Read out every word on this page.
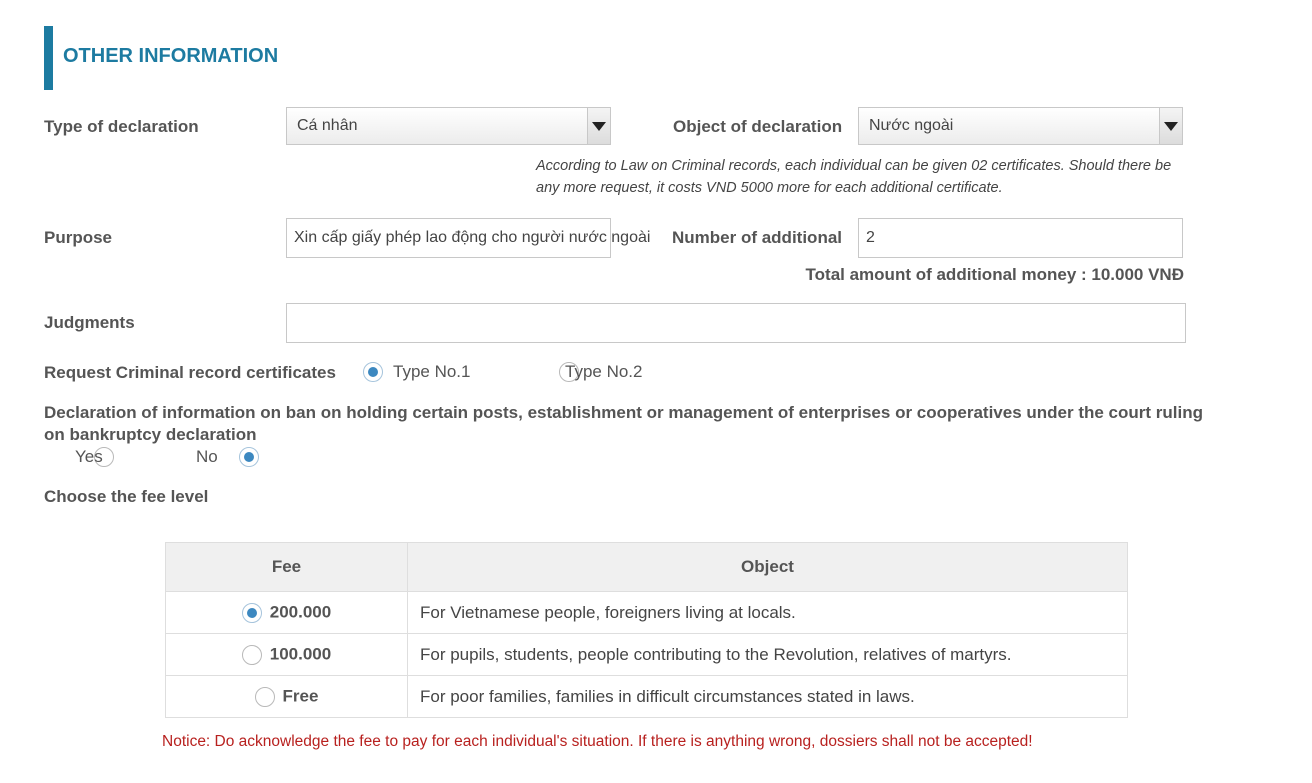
OTHER INFORMATION
Type of declaration	Cá nhân	Object of declaration	Nước ngoài
According to Law on Criminal records, each individual can be given 02 certificates. Should there be
any more request, it costs VND 5000 more for each additional certificate.
Purpose	Xin cấp giấy phép lao động cho người nước ngoài Number of additional	2
Total amount of additional money : 10.000 VNĐ
Judgments
Request Criminal record certificates
	Type No.1
	Type No.2
Declaration of information on ban on holding certain posts, establishment or management of enterprises or cooperatives under the court ruling
on bankruptcy declaration

Yes	No
Choose the fee level
Fee	Object
200.000	For Vietnamese people, foreigners living at locals.
100.000	For pupils, students, people contributing to the Revolution, relatives of martyrs.
Free	For poor families, families in difficult circumstances stated in laws.
Notice: Do acknowledge the fee to pay for each individual's situation. If there is anything wrong, dossiers shall not be accepted!
